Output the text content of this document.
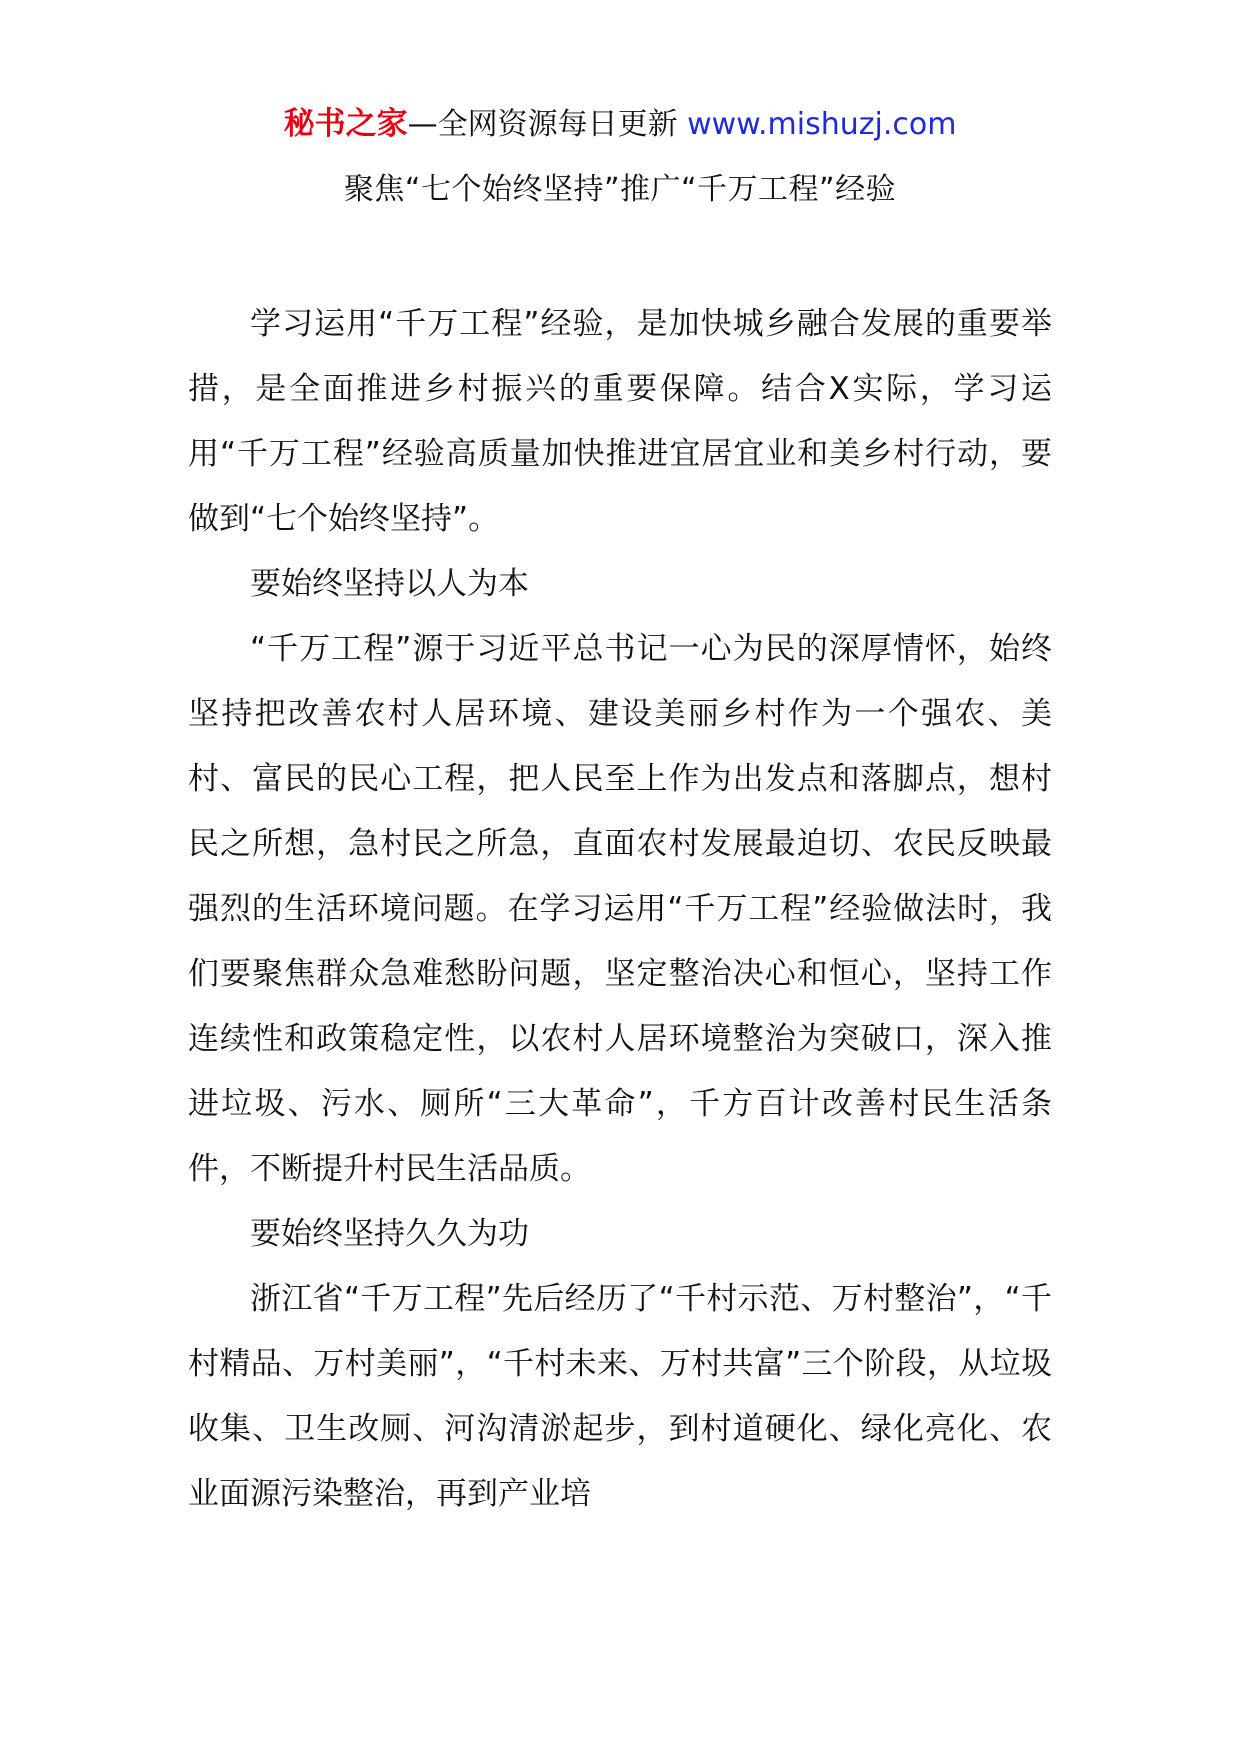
秘书之家—全网资源每日更新 www.mishuzj.com
聚焦“七个始终坚持”推广“千万工程”经验

学习运用“千万工程”经验，是加快城乡融合发展的重要举措，是全面推进乡村振兴的重要保障。结合X实际，学习运用“千万工程”经验高质量加快推进宜居宜业和美乡村行动，要做到“七个始终坚持”。

要始终坚持以人为本

“千万工程”源于习近平总书记一心为民的深厚情怀，始终坚持把改善农村人居环境、建设美丽乡村作为一个强农、美村、富民的民心工程，把人民至上作为出发点和落脚点，想村民之所想，急村民之所急，直面农村发展最迫切、农民反映最强烈的生活环境问题。在学习运用“千万工程”经验做法时，我们要聚焦群众急难愁盼问题，坚定整治决心和恒心，坚持工作连续性和政策稳定性，以农村人居环境整治为突破口，深入推进垃圾、污水、厕所“三大革命”，千方百计改善村民生活条件，不断提升村民生活品质。

要始终坚持久久为功

浙江省“千万工程”先后经历了“千村示范、万村整治”，“千村精品、万村美丽”，“千村未来、万村共富”三个阶段，从垃圾收集、卫生改厕、河沟清淤起步，到村道硬化、绿化亮化、农业面源污染整治，再到产业培
